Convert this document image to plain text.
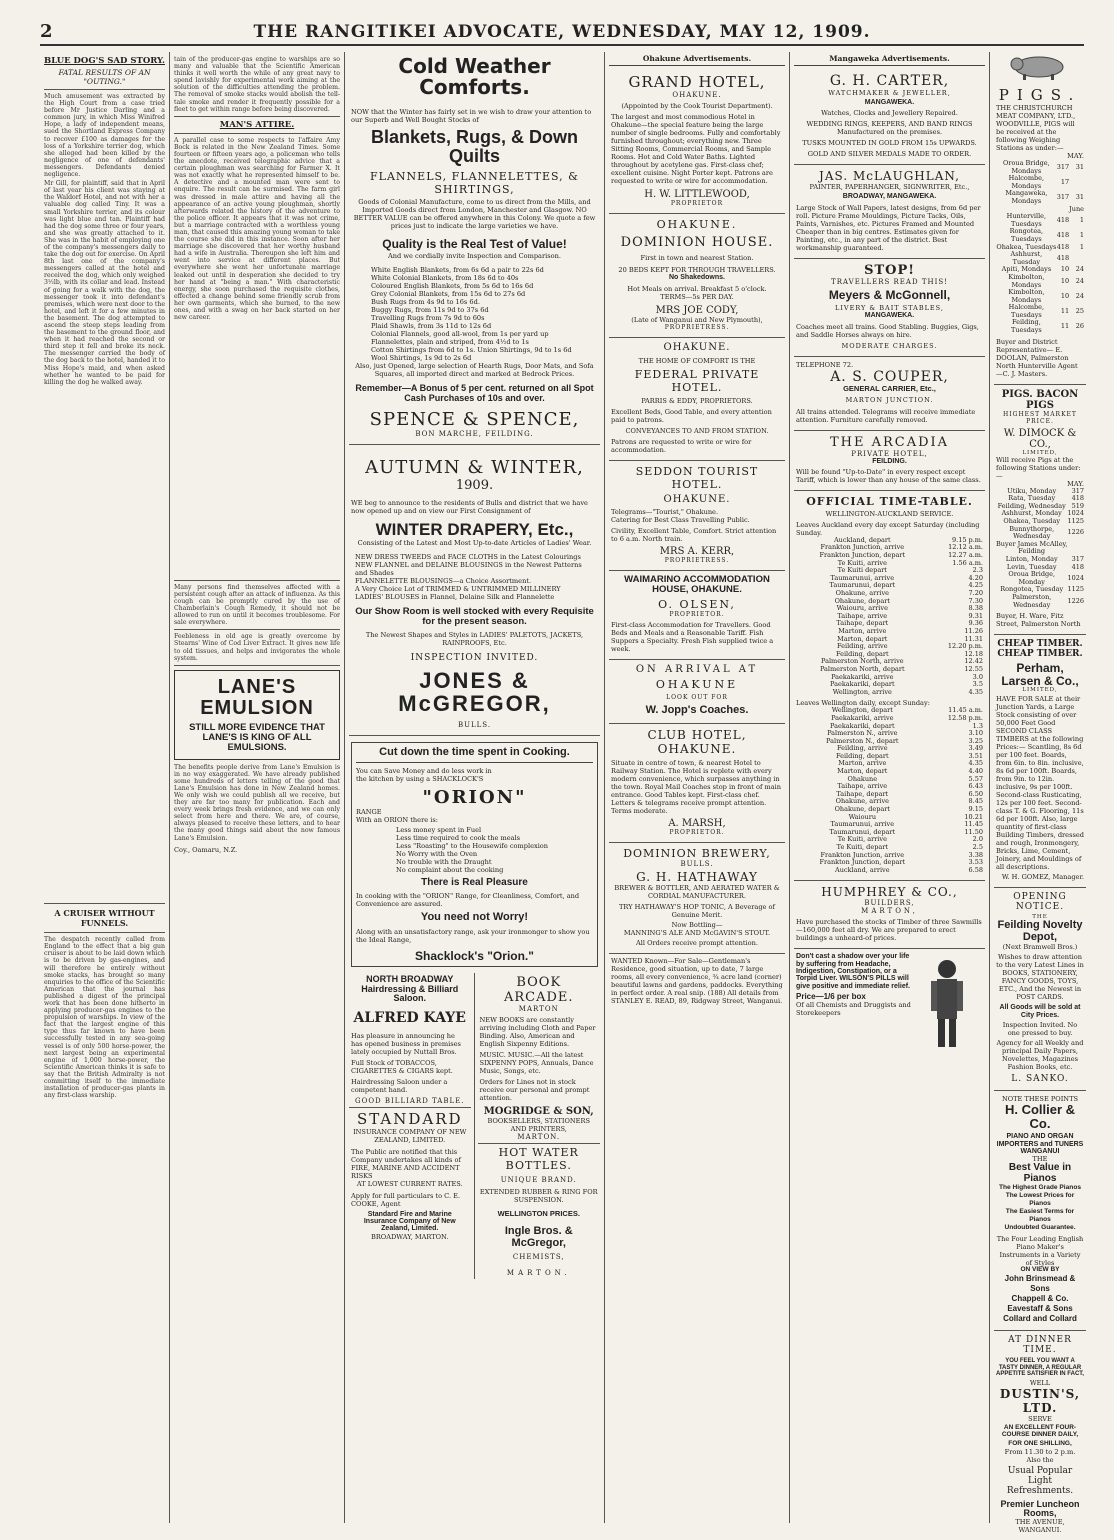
2	THE RANGITIKEI ADVOCATE, WEDNESDAY, MAY 12, 1909.
BLUE DOG'S SAD STORY.
FATAL RESULTS OF AN "OUTING."

Much amusement was extracted by the High Court from a case tried before Mr Justice Darling and a common jury, in which Miss Winifred Hope, a lady of independent means, sued the Shortland Express Company to recover £100 as damages for the loss of a Yorkshire terrier dog, which she alleged had been killed by the negligence of one of defendants' messengers. Defendants denied negligence.

Mr Gill, for plaintiff, said that in April of last year his client was staying at the Waldorf Hotel, and not with her a valuable dog called Tiny. It was a small Yorkshire terrier, and its colour was light blue and tan. Plaintiff had had the dog some three or four years, and she was greatly attached to it. She was in the habit of employing one of the company's messengers daily to take the dog out for exercise. On April 8th last one of the company's messengers called at the hotel and received the dog, which only weighed 3½lb, with its collar and lead. Instead of going for a walk with the dog, the messenger took it into defendant's premises, which were next door to the hotel, and left it for a few minutes in the basement. The dog attempted to ascend the steep steps leading from the basement to the ground floor, and when it had reached the second or third step it fell and broke its neck. The messenger carried the body of the dog back to the hotel, handed it to Miss Hope's maid, and when asked whether he wanted to be paid for killing the dog he walked away.

A CRUISER WITHOUT FUNNELS.

The despatch recently called from England to the effect that a big gun cruiser is about to be laid down which is to be driven by gas-engines, and will therefore be entirely without smoke stacks, has brought so many enquiries to the office of the Scientific American that the journal has published a digest of the principal work that has been done hitherto in applying producer-gas engines to the propulsion of warships. In view of the fact that the largest engine of this type thus far known to have been successfully tested in any sea-going vessel is of only 500 horse-power, the next largest being an experimental engine of 1,000 horse-power, the Scientific American thinks it is safe to say that the British Admiralty is not committing itself to the immediate installation of producer-gas plants in any first-class warship.

tain of the producer-gas engine to warships are so many and valuable that the Scientific American thinks it well worth the while of any great navy to spend lavishly for experimental work aiming at the solution of the difficulties attending the problem. The removal of smoke stacks would abolish the tell-tale smoke and render it frequently possible for a fleet to get within range before being discovered.

MAN'S ATTIRE.

A parallel case to some respects to l'affaire Amy Bock is related in the New Zealand Times. Some fourteen or fifteen years ago, a policeman who tells the anecdote, received telegraphic advice that a certain ploughman was searching for Farmer X. It was not exactly what he represented himself to be. A detective and a mounted man were sent to enquire. The result can be surmised. The farm girl was dressed in male attire and having all the appearance of an active young ploughman, shortly afterwards related the history of the adventure to the police officer. It appears that it was not crime, but a marriage contracted with a worthless young man, that caused this amazing young woman to take the course she did in this instance. Soon after her marriage she discovered that her worthy husband had a wife in Australia. Thereupon she left him and went into service at different places. But everywhere she went her unfortunate marriage leaked out until in desperation she decided to try her hand at "being a man." With characteristic energy, she soon purchased the requisite clothes, effected a change behind some friendly scrub from her own garments, which she burned, to the new ones, and with a swag on her back started on her new career.

Many persons find themselves affected with a persistent cough after an attack of influenza. As this cough can be promptly cured by the use of Chamberlain's Cough Remedy, it should not be allowed to run on until it becomes troublesome. For sale everywhere.

Feebleness in old age is greatly overcome by Stearns' Wine of Cod Liver Extract. It gives new life to old tissues, and helps and invigorates the whole system.

LANE'S EMULSION
STILL MORE EVIDENCE THAT LANE'S IS KING OF ALL EMULSIONS.

The benefits people derive from Lane's Emulsion is in no way exaggerated. We have already published some hundreds of letters telling of the good that Lane's Emulsion has done in New Zealand homes. We only wish we could publish all we receive, but they are far too many for publication. Each and every week brings fresh evidence, and we can only select from here and there. We are, of course, always pleased to receive these letters, and to hear the many good things said about the now famous Lane's Emulsion.

Coy., Oamaru, N.Z.
Cold Weather Comforts.
NOW that the Winter has fairly set in we wish to draw your attention to our Superb and Well Bought Stocks of
Blankets, Rugs, & Down Quilts
FLANNELS, FLANNELETTES, & SHIRTINGS,
Goods of Colonial Manufacture, come to us direct from the Mills, and Imported Goods direct from London, Manchester and Glasgow. NO BETTER VALUE can be offered anywhere in this Colony. We quote a few prices just to indicate the large varieties we have.
Quality is the Real Test of Value!
And we cordially invite Inspection and Comparison.
White English Blankets, from 6s 6d a pair to 22s 6d
White Colonial Blankets, from 18s 6d to 40s
Coloured English Blankets, from 5s 6d to 16s 6d
Grey Colonial Blankets, from 15s 6d to 27s 6d
Bush Rugs from 4s 9d to 16s 6d.
Buggy Rugs, from 11s 9d to 37s 6d
Travelling Rugs from 7s 9d to 60s
Plaid Shawls, from 3s 11d to 12s 6d
Colonial Flannels, good all-wool, from 1s per yard up
Flannelettes, plain and striped, from 4½d to 1s
Cotton Shirtings from 6d to 1s. Union Shirtings, 9d to 1s 6d
Wool Shirtings, 1s 9d to 2s 6d
Also, just Opened, large selection of Hearth Rugs, Door Mats, and Sofa Squares, all imported direct and marked at Bedrock Prices.
Remember—A Bonus of 5 per cent. returned on all Spot Cash Purchases of 10s and over.
SPENCE & SPENCE,
BON MARCHE, FEILDING.
AUTUMN & WINTER,
1909.
WE beg to announce to the residents of Bulls and district that we have now opened up and on view our First Consignment of
WINTER DRAPERY, Etc.,
Consisting of the Latest and Most Up-to-date Articles of Ladies' Wear.
NEW DRESS TWEEDS and FACE CLOTHS in the Latest Colourings
NEW FLANNEL and DELAINE BLOUSINGS in the Newest Patterns and Shades
FLANNELETTE BLOUSINGS—a Choice Assortment.
A Very Choice Lot of TRIMMED & UNTRIMMED MILLINERY
LADIES' BLOUSES in Flannel, Delaine Silk and Flannelette
Our Show Room is well stocked with every Requisite for the present season.
The Newest Shapes and Styles in LADIES' PALETOTS, JACKETS, RAINPROOFS, Etc.
INSPECTION INVITED.
JONES & McGREGOR,
BULLS.
Cut down the time spent in Cooking.
You can Save Money and do less work in the kitchen by using a SHACKLOCK'S
"ORION"
RANGE
With an ORION there is:
Less money spent in Fuel
Less time required to cook the meals
Less "Roasting" to the Housewife complexion
No Worry with the Oven
No trouble with the Draught
No complaint about the cooking
There is Real Pleasure
In cooking with the "ORION" Range, for Cleanliness, Comfort, and Convenience are assured.
You need not Worry!
Along with an unsatisfactory range, ask your ironmonger to show you the Ideal Range,
Shacklock's "Orion."
NORTH BROADWAY Hairdressing & Billiard Saloon.
ALFRED KAYE
Has pleasure in announcing he has opened business in premises lately occupied by Nuttall Bros.
Full Stock of TOBACCOS, CIGARETTES & CIGARS kept.
Hairdressing Saloon under a competent hand.
GOOD BILLIARD TABLE.
STANDARD
INSURANCE COMPANY OF NEW ZEALAND, LIMITED.
The Public are notified that this Company undertakes all kinds of FIRE, MARINE AND ACCIDENT RISKS
AT LOWEST CURRENT RATES.
Apply for full particulars to C. E. COOKE, Agent
Standard Fire and Marine Insurance Company of New Zealand, Limited.
BROADWAY, MARTON.
BOOK ARCADE.
MARTON
NEW BOOKS are constantly arriving including Cloth and Paper Binding. Also, American and English Sixpenny Editions.
MUSIC. MUSIC.—All the latest SIXPENNY POPS, Annuals, Dance Music, Songs, etc.
Orders for Lines not in stock receive our personal and prompt attention.
MOGRIDGE & SON,
BOOKSELLERS, STATIONERS AND PRINTERS,
MARTON.
HOT WATER BOTTLES.
UNIQUE BRAND.
EXTENDED RUBBER & RING FOR SUSPENSION.
WELLINGTON PRICES.
Ingle Bros. & McGregor,
CHEMISTS,
MARTON.
Ohakune Advertisements.
GRAND HOTEL,
OHAKUNE.
(Appointed by the Cook Tourist Department).
The largest and most commodious Hotel in Ohakune—the special feature being the large number of single bedrooms. Fully and comfortably furnished throughout; everything new. Three Sitting Rooms, Commercial Rooms, and Sample Rooms. Hot and Cold Water Baths. Lighted throughout by acetylene gas. First-class chef; excellent cuisine. Night Porter kept. Patrons are requested to write or wire for accommodation.
H. W. LITTLEWOOD,
PROPRIETOR
OHAKUNE.
DOMINION HOUSE.
First in town and nearest Station.
20 BEDS KEPT FOR THROUGH TRAVELLERS.
No Shakedowns.
Hot Meals on arrival. Breakfast 5 o'clock.
TERMS—5s PER DAY.
MRS JOE CODY,
(Late of Wanganui and New Plymouth),
PROPRIETRESS.
OHAKUNE.
THE HOME OF COMFORT IS THE
FEDERAL PRIVATE HOTEL.
PARRIS & EDDY, PROPRIETORS.
Excellent Beds, Good Table, and every attention paid to patrons.
CONVEYANCES TO AND FROM STATION.
Patrons are requested to write or wire for accommodation.
SEDDON TOURIST HOTEL.
OHAKUNE.
Telegrams—"Tourist," Ohakune.
Catering for Best Class Travelling Public.
Civility, Excellent Table, Comfort. Strict attention to 6 a.m. North train.
MRS A. KERR,
PROPRIETRESS.
WAIMARINO ACCOMMODATION HOUSE, OHAKUNE.
O. OLSEN,
PROPRIETOR.
First-class Accommodation for Travellers. Good Beds and Meals and a Reasonable Tariff. Fish Suppers a Specialty. Fresh Fish supplied twice a week.
ON ARRIVAL AT
OHAKUNE
LOOK OUT FOR
W. Jopp's Coaches.
CLUB HOTEL, OHAKUNE.
Situate in centre of town, & nearest Hotel to Railway Station. The Hotel is replete with every modern convenience, which surpasses anything in the town. Royal Mail Coaches stop in front of main entrance. Good Tables kept. First-class chef. Letters & telegrams receive prompt attention. Terms moderate.
A. MARSH,
PROPRIETOR.
DOMINION BREWERY,
BULLS.
G. H. HATHAWAY
BREWER & BOTTLER, AND AERATED WATER & CORDIAL MANUFACTURER.
TRY HATHAWAY'S HOP TONIC, A Beverage of Genuine Merit.
Now Bottling—
MANNING'S ALE AND McGAVIN'S STOUT.
All Orders receive prompt attention.
WANTED Known—For Sale—Gentleman's Residence, good situation, up to date, 7 large rooms, all every convenience, ¾ acre land (corner) beautiful lawns and gardens, paddocks. Everything in perfect order. A real snip. (188) All details from STANLEY E. READ, 89, Ridgway Street, Wanganui.
Mangaweka Advertisements.
G. H. CARTER,
WATCHMAKER & JEWELLER,
MANGAWEKA.
Watches, Clocks and Jewellery Repaired.
WEDDING RINGS, KEEPERS, AND BAND RINGS Manufactured on the premises.
TUSKS MOUNTED IN GOLD FROM 15s UPWARDS.
GOLD AND SILVER MEDALS MADE TO ORDER.
JAS. McLAUGHLAN,
PAINTER, PAPERHANGER, SIGNWRITER, Etc.,
BROADWAY, MANGAWEKA.
Large Stock of Wall Papers, latest designs, from 6d per roll. Picture Frame Mouldings, Picture Tacks, Oils, Paints, Varnishes, etc. Pictures Framed and Mounted Cheaper than in big centres. Estimates given for Painting, etc., in any part of the district. Best workmanship guaranteed.
STOP!
TRAVELLERS READ THIS!
Meyers & McGonnell,
LIVERY & BAIT STABLES,
MANGAWEKA.
Coaches meet all trains. Good Stabling. Buggies, Gigs, and Saddle Horses always on hire.
MODERATE CHARGES.
TELEPHONE 72.
A. S. COUPER,
GENERAL CARRIER, Etc.,
MARTON JUNCTION.
All trains attended. Telegrams will receive immediate attention. Furniture carefully removed.
THE ARCADIA
PRIVATE HOTEL,
FEILDING.
Will be found "Up-to-Date" in every respect except Tariff, which is lower than any house of the same class.
OFFICIAL TIME-TABLE.
WELLINGTON-AUCKLAND SERVICE.
Leaves Auckland every day except Saturday (including Sunday.
Auckland, depart	9.15 p.m.
Frankton Junction, arrive	12.12 a.m.
Frankton Junction, depart	12.27 a.m.
Te Kuiti, arrive	1.56 a.m.
Te Kuiti depart	2.3
Taumarunui, arrive	4.20
Taumarunui, depart	4.25
Ohakune, arrive	7.20
Ohakune, depart	7.30
Waiouru, arrive	8.38
Taihape, arrive	9.31
Taihape, depart	9.36
Marton, arrive	11.26
Marton, depart	11.31
Feilding, arrive	12.20 p.m.
Feilding, depart	12.18
Palmerston North, arrive	12.42
Palmerston North, depart	12.55
Paekakariki, arrive	3.0
Paekakariki, depart	3.5
Wellington, arrive	4.35
Leaves Wellington daily, except Sunday:
Wellington, depart	11.45 a.m.
Paekakariki, arrive	12.58 p.m.
Paekakariki, depart	1.3
Palmerston N., arrive	3.10
Palmerston N., depart	3.25
Feilding, arrive	3.49
Feilding, depart	3.51
Marton, arrive	4.35
Marton, depart	4.40
Ohakune	5.57
Taihape, arrive	6.43
Taihape, depart	6.50
Ohakune, arrive	8.45
Ohakune, depart	9.15
Waiouru	10.21
Taumarunui, arrive	11.45
Taumarunui, depart	11.50
Te Kuiti, arrive	2.0
Te Kuiti, depart	2.5
Frankton Junction, arrive	3.38
Frankton Junction, depart	3.53
Auckland, arrive	6.58
HUMPHREY & CO.,
BUILDERS,
MARTON,
Have purchased the stocks of Timber of three Sawmills—160,000 feet all dry. We are prepared to erect buildings a unheard-of prices.
Don't cast a shadow over your life by suffering from Headache, Indigestion, Constipation, or a Torpid Liver. WILSON'S PILLS will give positive and immediate relief.
Price—1/6 per box
Of all Chemists and Druggists and Storekeepers
PIGS.
THE CHRISTCHURCH MEAT COMPANY, LTD., WOODVILLE, PIGS will be received at the following Weighing Stations as under:—
MAY.
Oroua Bridge, Mondays	3	17	31
Halcombe, Mondays		17	
Mangaweka, Mondays	3	17	31
			June
Hunterville, Tuesdays	4	18	1
Rongotea, Tuesdays	4	18	1
Ohakea, Tuesdays	4	18	1
Ashhurst, Tuesday	4	18	
Apiti, Mondays		10	24
Kimbolton, Mondays		10	24
Kimbolton, Mondays		10	24
Halcombe, Tuesdays		11	25
Feilding, Tuesdays		11	26
Buyer and District Representative— E. DOOLAN, Palmerston North Hunterville Agent—C. J. Masters.
PIGS. BACON PIGS
HIGHEST MARKET PRICE.
W. DIMOCK & CO.,
LIMITED,
Will receive Pigs at the following Stations under:—
MAY.
Utiku, Monday	3	17
Rata, Tuesday	4	18
Feilding, Wednesday	5	19
Ashhurst, Monday	10	24
Ohakea, Tuesday	11	25
Bunnythorpe, Wednesday	12	26
Buyer James McAlley, Feilding		
Linton, Monday	3	17
Levin, Tuesday	4	18
Oroua Bridge, Monday	10	24
Rongotea, Tuesday	11	25
Palmerston, Wednesday	12	26
Buyer, H. Ware, Fitz Street, Palmerston North
CHEAP TIMBER. CHEAP TIMBER.
Perham, Larsen & Co.,
LIMITED,
HAVE FOR SALE at their Junction Yards, a Large Stock consisting of over 50,000 Feet Good SECOND CLASS TIMBERS at the following Prices:— Scantling, 8s 6d per 100 feet. Boards, from 6in. to 8in. inclusive, 8s 6d per 100ft. Boards, from 9in. to 12in. inclusive, 9s per 100ft. Second-class Rusticating, 12s per 100 feet. Second-class T. & G. Flooring, 11s 6d per 100ft. Also, large quantity of first-class Building Timbers, dressed and rough, Ironmongery, Bricks, Lime, Cement, Joinery, and Mouldings of all descriptions.
W. H. GOMEZ, Manager.
OPENING NOTICE.
THE
Feilding Novelty Depot,
(Next Bramwell Bros.)
Wishes to draw attention to the very Latest Lines in BOOKS, STATIONERY, FANCY GOODS, TOYS, ETC., And the Newest in POST CARDS.
All Goods will be sold at City Prices.
Inspection Invited. No one pressed to buy.
Agency for all Weekly and principal Daily Papers, Novelettes, Magazines Fashion Books, etc.
L. SANKO.
NOTE THESE POINTS
H. Collier & Co.
PIANO AND ORGAN IMPORTERS and TUNERS WANGANUI
THE
Best Value in Pianos
The Highest Grade Pianos
The Lowest Prices for Pianos
The Easiest Terms for Pianos
Undoubted Guarantee.
The Four Leading English Piano Maker's Instruments in a Variety of Styles
ON VIEW BY
John Brinsmead & Sons
Chappell & Co.
Eavestaff & Sons
Collard and Collard
AT DINNER TIME.
YOU FEEL YOU WANT A TASTY DINNER, A REGULAR APPETITE SATISFIER IN FACT,
WELL
DUSTIN'S, LTD.
SERVE
AN EXCELLENT FOUR-COURSE DINNER DAILY,
FOR ONE SHILLING,
From 11.30 to 2 p.m.
Also the
Usual Popular Light Refreshments.
Premier Luncheon Rooms,
THE AVENUE, WANGANUI.
